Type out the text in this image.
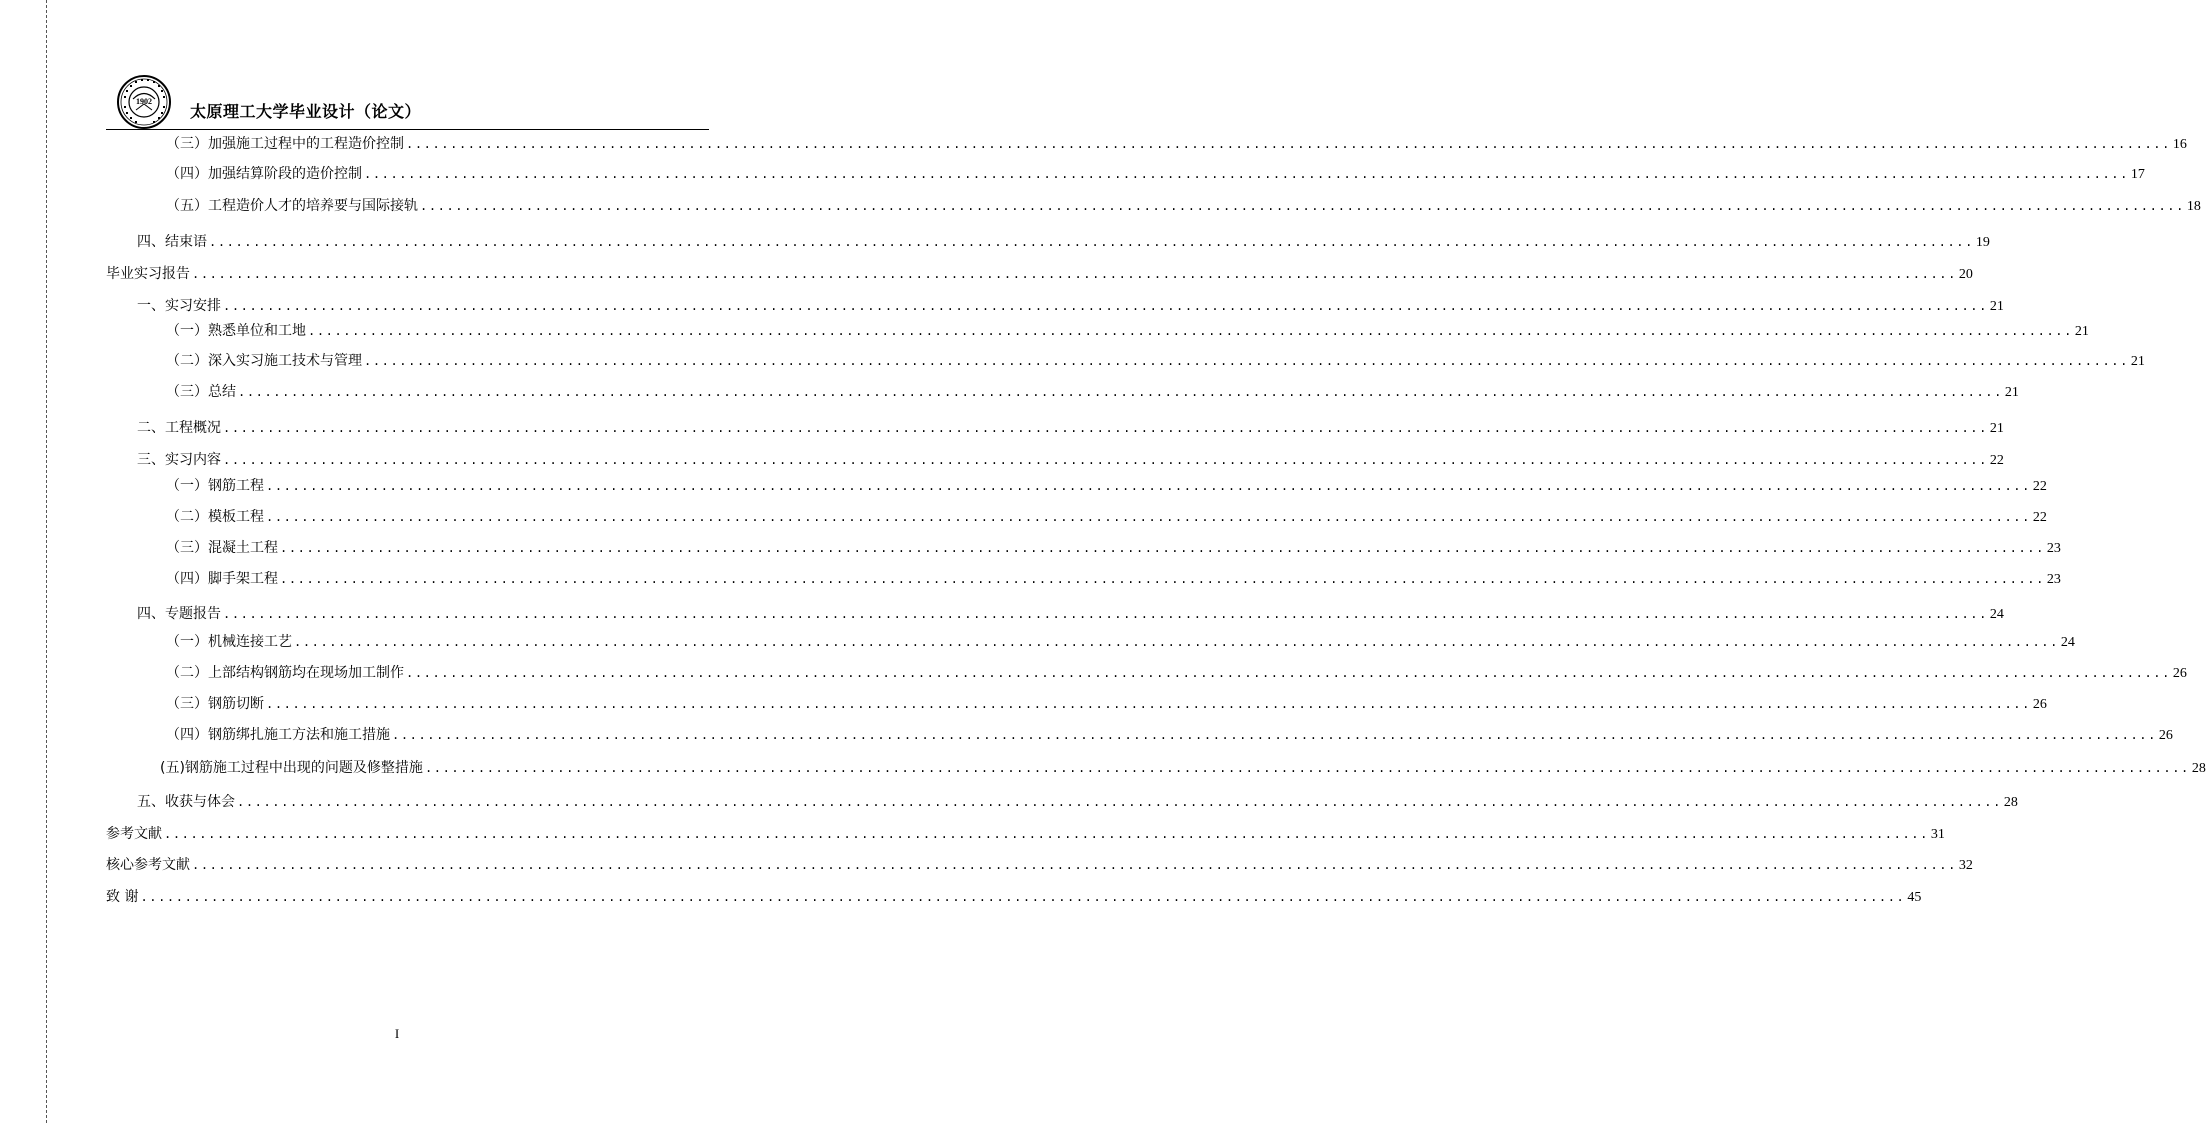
1902
太原理工大学毕业设计（论文）
（三）加强施工过程中的工程造价控制 ........................................................................................................................................................................................................ 16
（四）加强结算阶段的造价控制 ........................................................................................................................................................................................................ 17
（五）工程造价人才的培养要与国际接轨 ........................................................................................................................................................................................................ 18
四、结束语 ........................................................................................................................................................................................................ 19
毕业实习报告 ........................................................................................................................................................................................................ 20
一、实习安排 ........................................................................................................................................................................................................ 21
（一）熟悉单位和工地 ........................................................................................................................................................................................................ 21
（二）深入实习施工技术与管理 ........................................................................................................................................................................................................ 21
（三）总结 ........................................................................................................................................................................................................ 21
二、工程概况 ........................................................................................................................................................................................................ 21
三、实习内容 ........................................................................................................................................................................................................ 22
（一）钢筋工程 ........................................................................................................................................................................................................ 22
（二）模板工程 ........................................................................................................................................................................................................ 22
（三）混凝土工程 ........................................................................................................................................................................................................ 23
（四）脚手架工程 ........................................................................................................................................................................................................ 23
四、专题报告 ........................................................................................................................................................................................................ 24
（一）机械连接工艺 ........................................................................................................................................................................................................ 24
（二）上部结构钢筋均在现场加工制作 ........................................................................................................................................................................................................ 26
（三）钢筋切断 ........................................................................................................................................................................................................ 26
（四）钢筋绑扎施工方法和施工措施 ........................................................................................................................................................................................................ 26
(五)钢筋施工过程中出现的问题及修整措施 ........................................................................................................................................................................................................ 28
五、收获与体会 ........................................................................................................................................................................................................ 28
参考文献 ........................................................................................................................................................................................................ 31
核心参考文献 ........................................................................................................................................................................................................ 32
致 谢 ........................................................................................................................................................................................................ 45
I
